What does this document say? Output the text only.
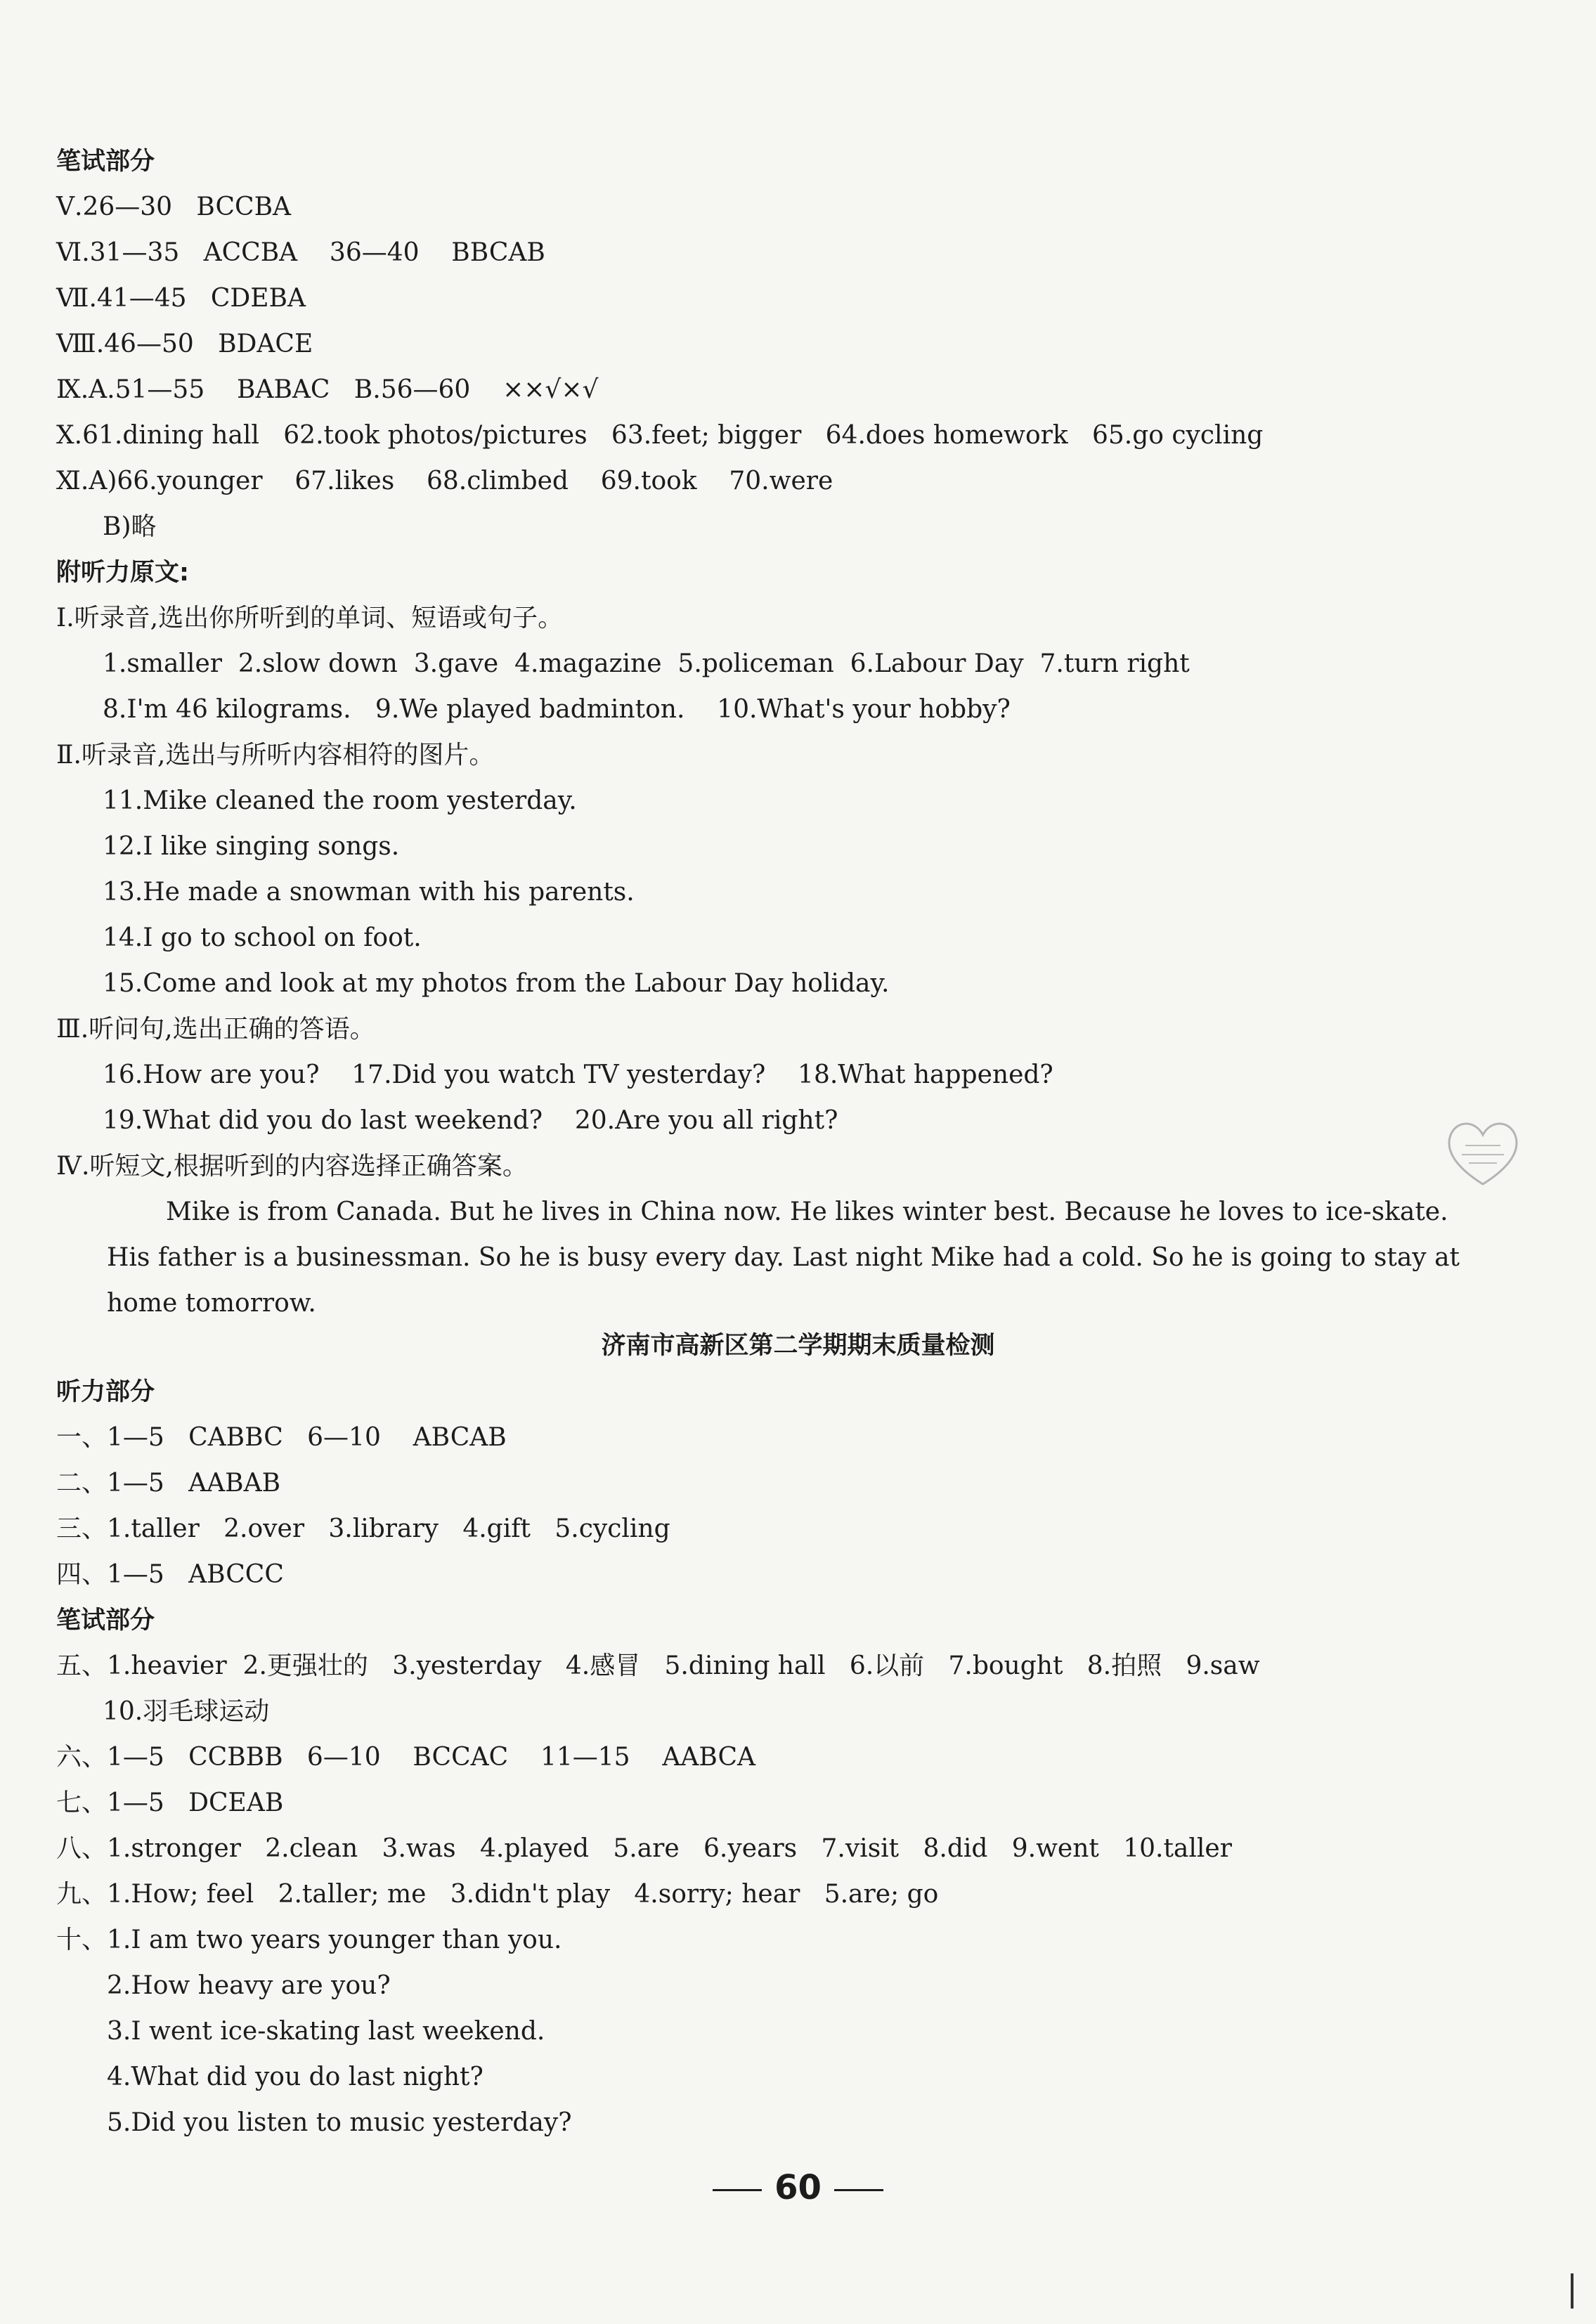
笔试部分
Ⅴ.26—30   BCCBA
Ⅵ.31—35   ACCBA    36—40    BBCAB
Ⅶ.41—45   CDEBA
Ⅷ.46—50   BDACE
Ⅸ.A.51—55    BABAC   B.56—60    ××√×√
Ⅹ.61.dining hall   62.took photos/pictures   63.feet; bigger   64.does homework   65.go cycling
Ⅺ.A)66.younger    67.likes    68.climbed    69.took    70.were
B)略
附听力原文:
Ⅰ.听录音,选出你所听到的单词、短语或句子。
1.smaller  2.slow down  3.gave  4.magazine  5.policeman  6.Labour Day  7.turn right
8.I'm 46 kilograms.   9.We played badminton.    10.What's your hobby?
Ⅱ.听录音,选出与所听内容相符的图片。
11.Mike cleaned the room yesterday.
12.I like singing songs.
13.He made a snowman with his parents.
14.I go to school on foot.
15.Come and look at my photos from the Labour Day holiday.
Ⅲ.听问句,选出正确的答语。
16.How are you?    17.Did you watch TV yesterday?    18.What happened?
19.What did you do last weekend?    20.Are you all right?
Ⅳ.听短文,根据听到的内容选择正确答案。
Mike is from Canada. But he lives in China now. He likes winter best. Because he loves to ice-skate.
His father is a businessman. So he is busy every day. Last night Mike had a cold. So he is going to stay at
home tomorrow.
济南市高新区第二学期期末质量检测
听力部分
一、1—5   CABBC   6—10    ABCAB
二、1—5   AABAB
三、1.taller   2.over   3.library   4.gift   5.cycling
四、1—5   ABCCC
笔试部分
五、1.heavier  2.更强壮的   3.yesterday   4.感冒   5.dining hall   6.以前   7.bought   8.拍照   9.saw
10.羽毛球运动
六、1—5   CCBBB   6—10    BCCAC    11—15    AABCA
七、1—5   DCEAB
八、1.stronger   2.clean   3.was   4.played   5.are   6.years   7.visit   8.did   9.went   10.taller
九、1.How; feel   2.taller; me   3.didn't play   4.sorry; hear   5.are; go
十、1.I am two years younger than you.
2.How heavy are you?
3.I went ice-skating last weekend.
4.What did you do last night?
5.Did you listen to music yesterday?
60
